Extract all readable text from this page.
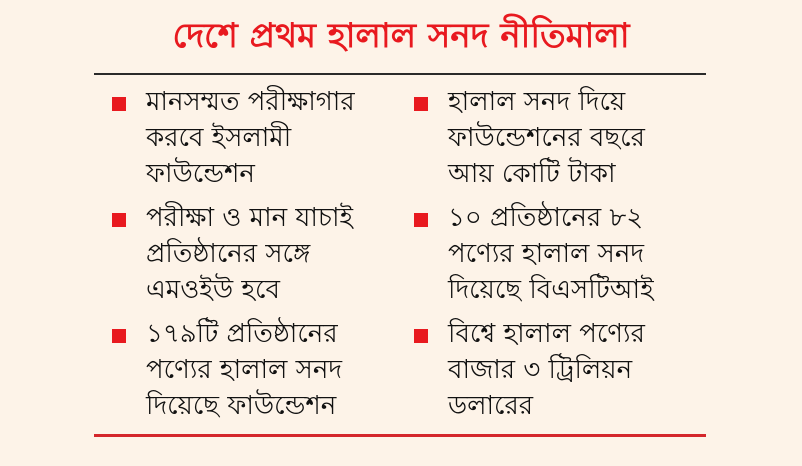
দেশে প্রথম হালাল সনদ নীতিমালা
মানসম্মত পরীক্ষাগার
করবে ইসলামী
ফাউন্ডেশন
পরীক্ষা ও মান যাচাই
প্রতিষ্ঠানের সঙ্গে
এমওইউ হবে
১৭৯টি প্রতিষ্ঠানের
পণ্যের হালাল সনদ
দিয়েছে ফাউন্ডেশন
হালাল সনদ দিয়ে
ফাউন্ডেশনের বছরে
আয় কোটি টাকা
১০ প্রতিষ্ঠানের ৮২
পণ্যের হালাল সনদ
দিয়েছে বিএসটিআই
বিশ্বে হালাল পণ্যের
বাজার ৩ ট্রিলিয়ন
ডলারের
